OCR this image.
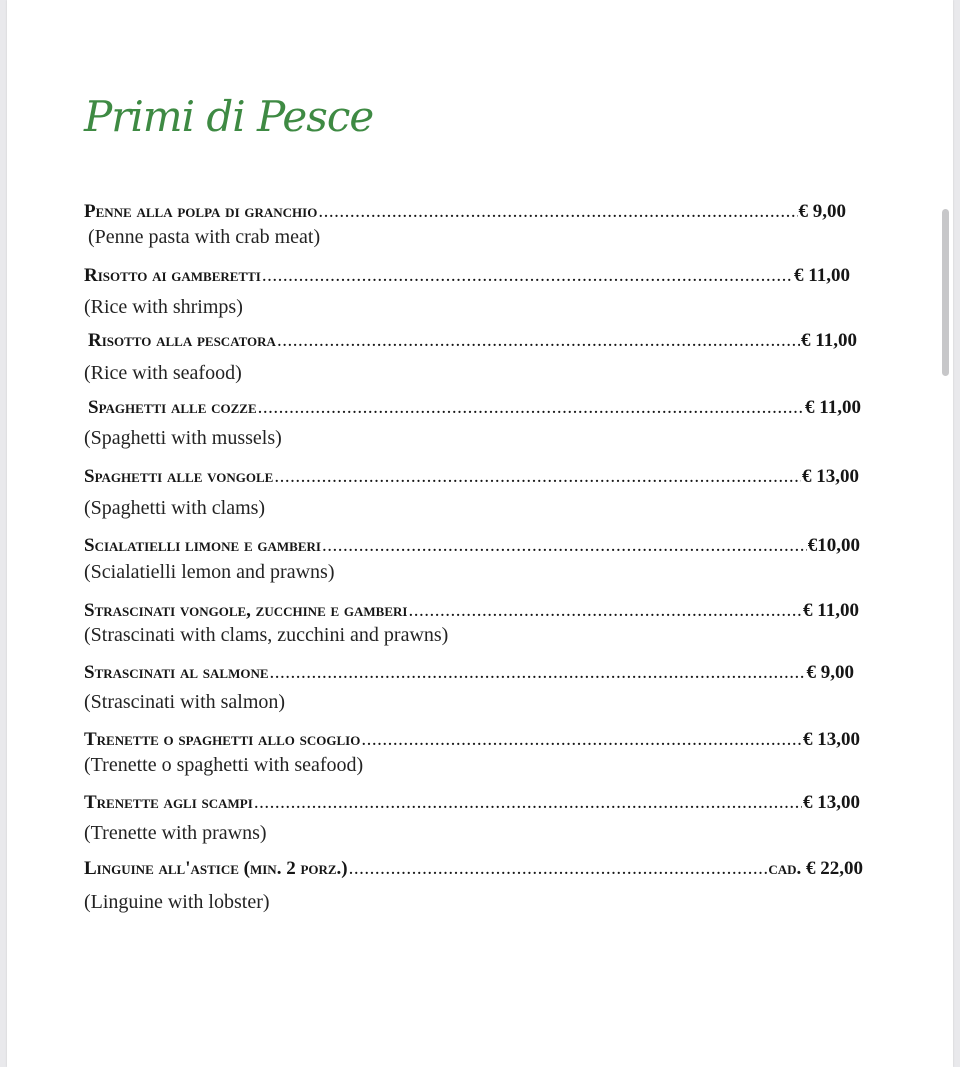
Primi di Pesce
Penne alla polpa di granchio .....	€ 9,00
(Penne pasta with crab meat)
Risotto ai gamberetti .....	€ 11,00
(Rice with shrimps)
Risotto alla pescatora .....	€ 11,00
(Rice with seafood)
Spaghetti alle cozze .....	€ 11,00
(Spaghetti with mussels)
Spaghetti alle vongole .....	€ 13,00
(Spaghetti with clams)
Scialatielli limone e gamberi .....	€10,00
(Scialatielli lemon and prawns)
Strascinati vongole, zucchine e gamberi .....	€ 11,00
(Strascinati with clams, zucchini and prawns)
Strascinati al salmone .....	€ 9,00
(Strascinati with salmon)
Trenette o spaghetti allo scoglio .....	€ 13,00
(Trenette o spaghetti with seafood)
Trenette agli scampi .....	€ 13,00
(Trenette with prawns)
Linguine all'astice (min. 2 porz.) .....	cad. € 22,00
(Linguine with lobster)
